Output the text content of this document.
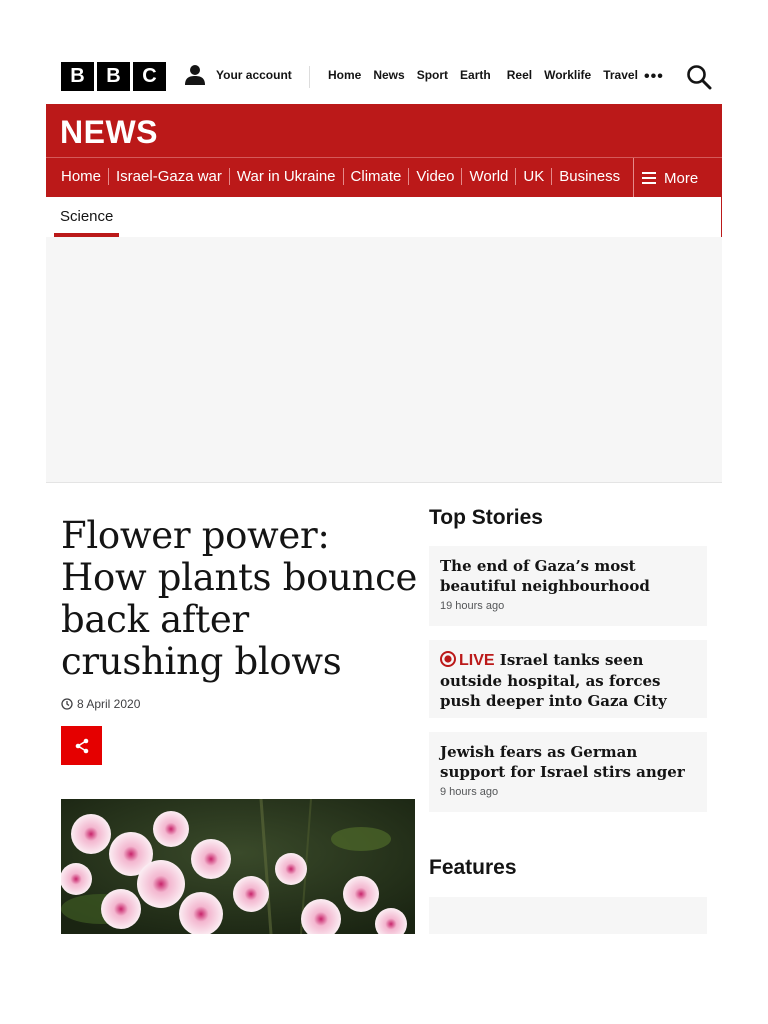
B	B	C	Your account	Home	News	Sport	Earth	Reel	Worklife	Travel •••
NEWS
Home	Israel-Gaza war	War in Ukraine	Climate	Video	World	UK	Business	More
Science
Flower power: How plants bounce back after crushing blows
8 April 2020
Top Stories
The end of Gaza’s most beautiful neighbourhood
19 hours ago
LIVE Israel tanks seen outside hospital, as forces push deeper into Gaza City
Jewish fears as German support for Israel stirs anger
9 hours ago
Features
